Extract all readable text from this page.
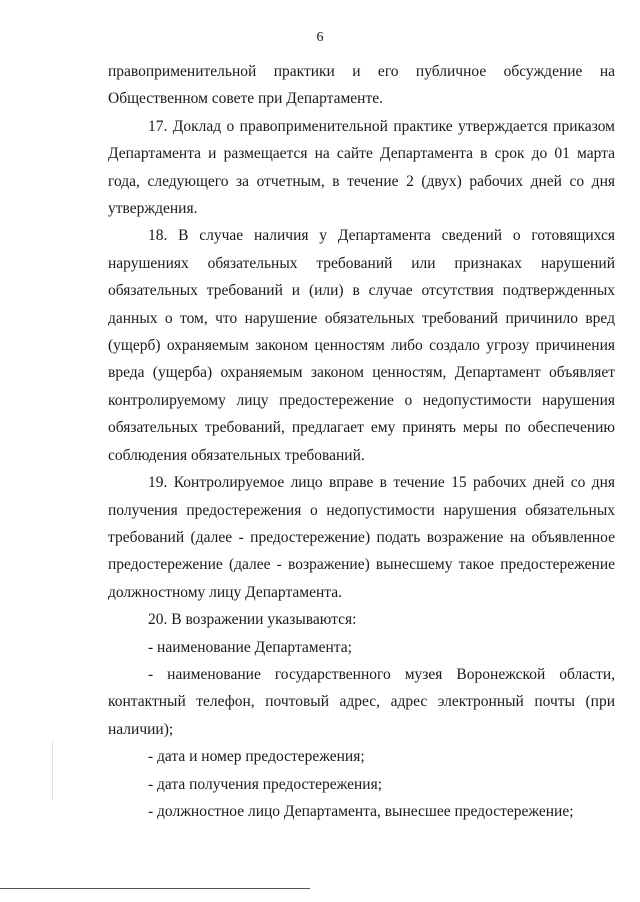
6

правоприменительной практики и его публичное обсуждение на Общественном совете при Департаменте.

17. Доклад о правоприменительной практике утверждается приказом Департамента и размещается на сайте Департамента в срок до 01 марта года, следующего за отчетным, в течение 2 (двух) рабочих дней со дня утверждения.

18. В случае наличия у Департамента сведений о готовящихся нарушениях обязательных требований или признаках нарушений обязательных требований и (или) в случае отсутствия подтвержденных данных о том, что нарушение обязательных требований причинило вред (ущерб) охраняемым законом ценностям либо создало угрозу причинения вреда (ущерба) охраняемым законом ценностям, Департамент объявляет контролируемому лицу предостережение о недопустимости нарушения обязательных требований, предлагает ему принять меры по обеспечению соблюдения обязательных требований.

19. Контролируемое лицо вправе в течение 15 рабочих дней со дня получения предостережения о недопустимости нарушения обязательных требований (далее - предостережение) подать возражение на объявленное предостережение (далее - возражение) вынесшему такое предостережение должностному лицу Департамента.

20. В возражении указываются:

- наименование Департамента;

- наименование государственного музея Воронежской области, контактный телефон, почтовый адрес, адрес электронный почты (при наличии);

- дата и номер предостережения;

- дата получения предостережения;

- должностное лицо Департамента, вынесшее предостережение;
